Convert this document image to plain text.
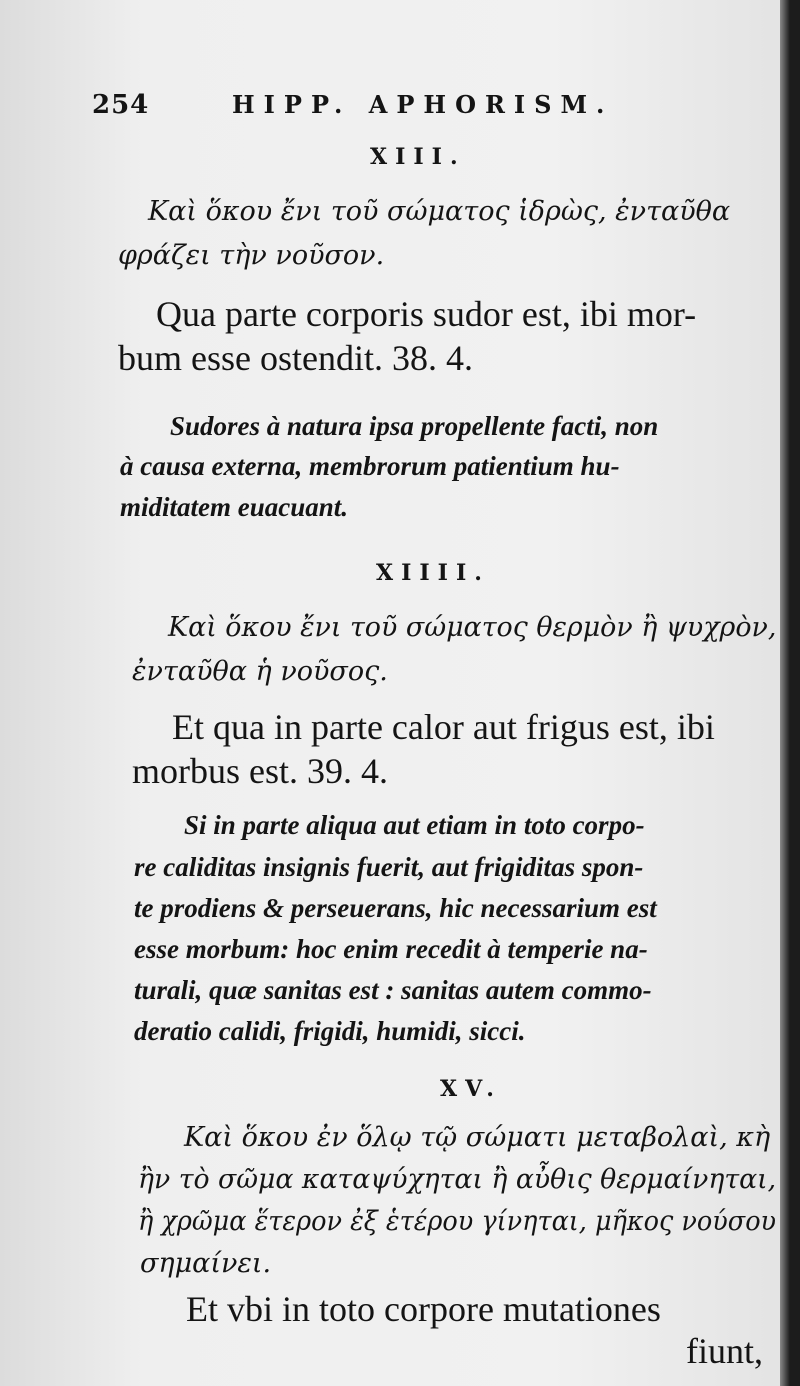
254	HIPP. APHORISM.

XIII.

Καὶ ὅκου ἔνι τοῦ σώματος ἱδρὼς, ἐνταῦθα

φράζει τὴν νοῦσον.

Qua parte corporis sudor est, ibi mor-

bum esse ostendit. 38. 4.

Sudores à natura ipsa propellente facti, non

à causa externa, membrorum patientium hu-

miditatem euacuant.

XIIII.

Καὶ ὅκου ἔνι τοῦ σώματος θερμὸν ἢ ψυχρὸν,

ἐνταῦθα ἡ νοῦσος.

Et qua in parte calor aut frigus est, ibi

morbus est. 39. 4.

Si in parte aliqua aut etiam in toto corpo-

re caliditas insignis fuerit, aut frigiditas spon-

te prodiens & perseuerans, hic necessarium est

esse morbum: hoc enim recedit à temperie na-

turali, quæ sanitas est : sanitas autem commo-

deratio calidi, frigidi, humidi, sicci.

XV.

Καὶ ὅκου ἐν ὅλῳ τῷ σώματι μεταβολαὶ, κὴ

ἢν τὸ σῶμα καταψύχηται ἢ αὖθις θερμαίνηται,

ἢ χρῶμα ἕτερον ἐξ ἑτέρου γίνηται, μῆκος νούσου

σημαίνει.

Et vbi in toto corpore mutationes

fiunt,
